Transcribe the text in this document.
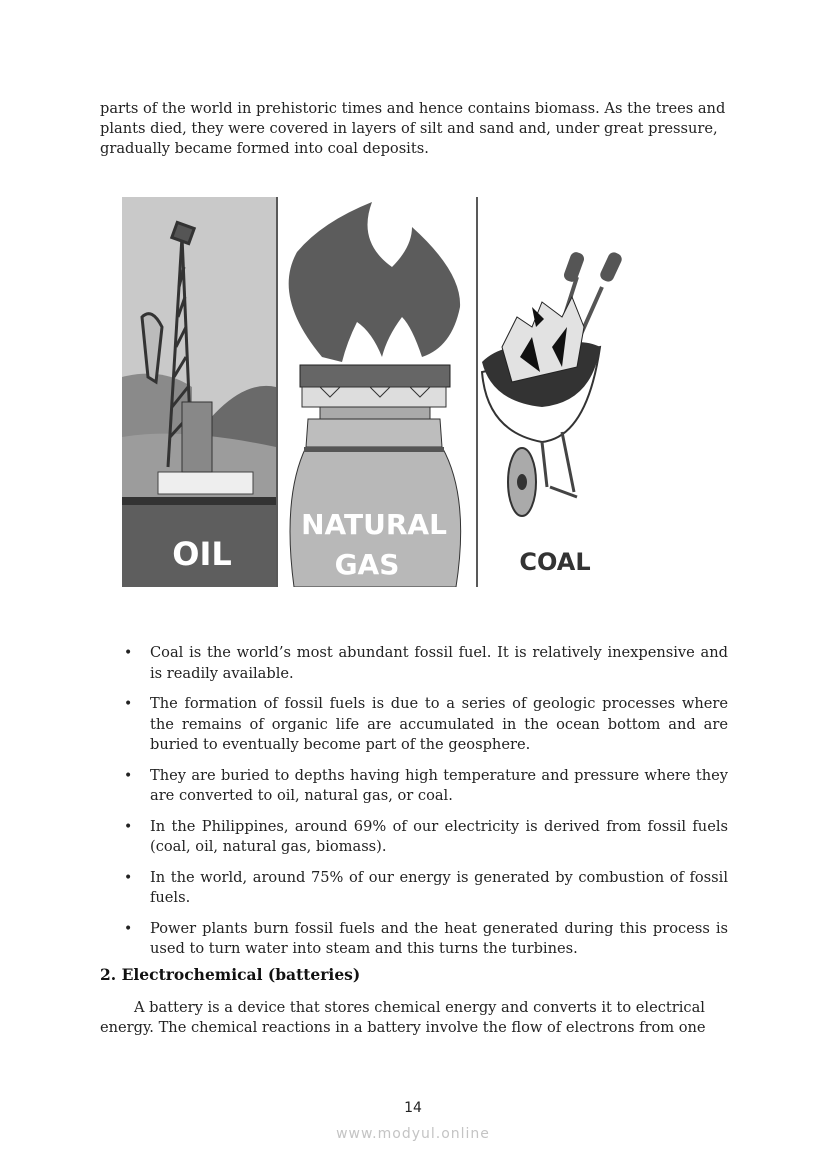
parts of the world in prehistoric times and hence contains biomass. As the trees and plants died, they were covered in layers of silt and sand and, under great pressure, gradually became formed into coal deposits.

OIL
NATURAL
GAS	COAL
• Coal is the world’s most abundant fossil fuel. It is relatively inexpensive and is readily available.
• The formation of fossil fuels is due to a series of geologic processes where the remains of organic life are accumulated in the ocean bottom and are buried to eventually become part of the geosphere.
• They are buried to depths having high temperature and pressure where they are converted to oil, natural gas, or coal.
• In the Philippines, around 69% of our electricity is derived from fossil fuels (coal, oil, natural gas, biomass).
• In the world, around 75% of our energy is generated by combustion of fossil fuels.
• Power plants burn fossil fuels and the heat generated during this process is used to turn water into steam and this turns the turbines.
2. Electrochemical (batteries)

A battery is a device that stores chemical energy and converts it to electrical energy. The chemical reactions in a battery involve the flow of electrons from one

14
www.modyul.online
